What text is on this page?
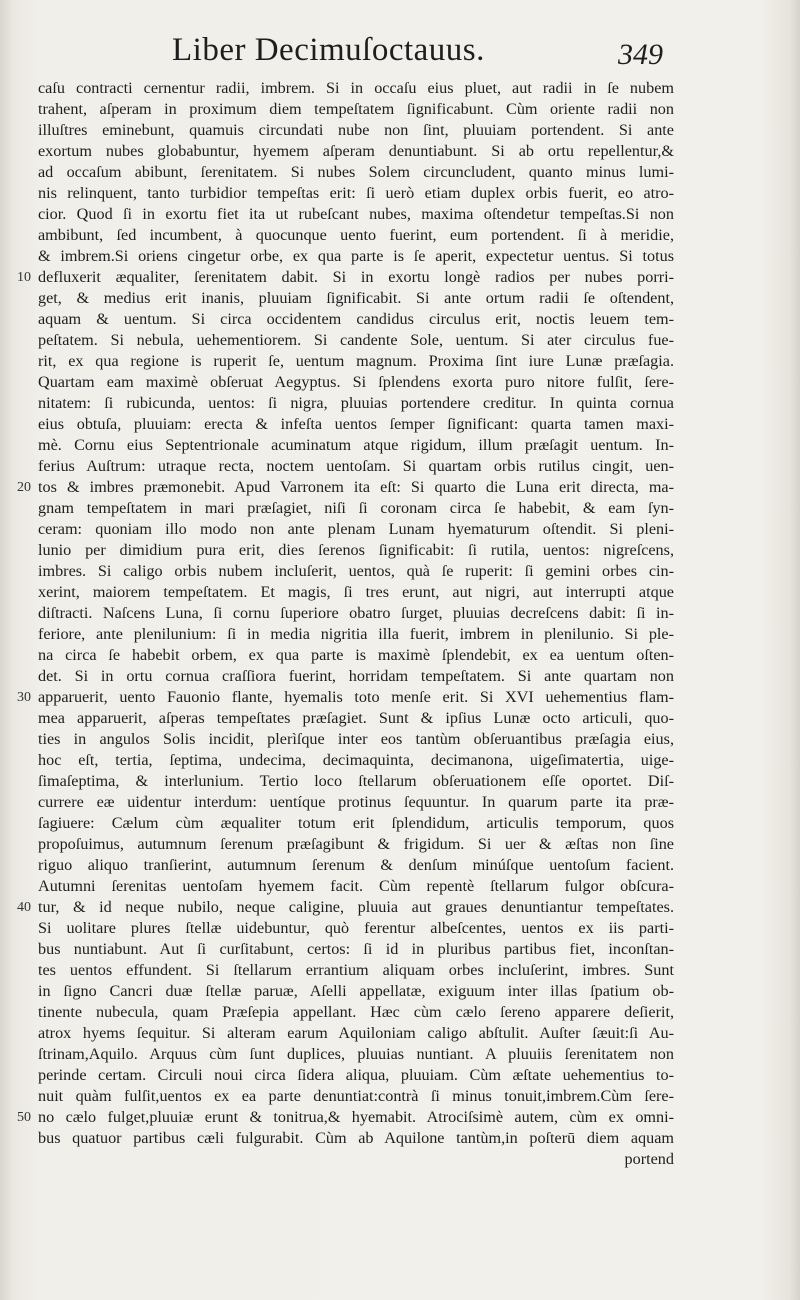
Liber Decimuſoctauus.	349
caſu contracti cernentur radii, imbrem. Si in occaſu eius pluet, aut radii in ſe nubem
trahent, aſperam in proximum diem tempeſtatem ſignificabunt. Cùm oriente radii non
illuſtres eminebunt, quamuis circundati nube non ſint, pluuiam portendent. Si ante
exortum nubes globabuntur, hyemem aſperam denuntiabunt. Si ab ortu repellentur,&
ad occaſum abibunt, ſerenitatem. Si nubes Solem circuncludent, quanto minus lumi-
nis relinquent, tanto turbidior tempeſtas erit: ſi uerò etiam duplex orbis fuerit, eo atro-
cior. Quod ſi in exortu fiet ita ut rubeſcant nubes, maxima oſtendetur tempeſtas.Si non
ambibunt, ſed incumbent, à quocunque uento fuerint, eum portendent. ſi à meridie,
& imbrem.Si oriens cingetur orbe, ex qua parte is ſe aperit, expectetur uentus. Si totus
10 defluxerit æqualiter, ſerenitatem dabit. Si in exortu longè radios per nubes porri-
get, & medius erit inanis, pluuiam ſignificabit. Si ante ortum radii ſe oſtendent,
aquam & uentum. Si circa occidentem candidus circulus erit, noctis leuem tem-
peſtatem. Si nebula, uehementiorem. Si candente Sole, uentum. Si ater circulus fue-
rit, ex qua regione is ruperit ſe, uentum magnum. Proxima ſint iure Lunæ præſagia.
Quartam eam maximè obſeruat Aegyptus. Si ſplendens exorta puro nitore fulſit, ſere-
nitatem: ſi rubicunda, uentos: ſi nigra, pluuias portendere creditur. In quinta cornua
eius obtuſa, pluuiam: erecta & infeſta uentos ſemper ſignificant: quarta tamen maxi-
mè. Cornu eius Septentrionale acuminatum atque rigidum, illum præſagit uentum. In-
ferius Auſtrum: utraque recta, noctem uentoſam. Si quartam orbis rutilus cingit, uen-
20 tos & imbres præmonebit. Apud Varronem ita eſt: Si quarto die Luna erit directa, ma-
gnam tempeſtatem in mari præſagiet, niſi ſi coronam circa ſe habebit, & eam ſyn-
ceram: quoniam illo modo non ante plenam Lunam hyematurum oſtendit. Si pleni-
lunio per dimidium pura erit, dies ſerenos ſignificabit: ſi rutila, uentos: nigreſcens,
imbres. Si caligo orbis nubem incluſerit, uentos, quà ſe ruperit: ſi gemini orbes cin-
xerint, maiorem tempeſtatem. Et magis, ſi tres erunt, aut nigri, aut interrupti atque
diſtracti. Naſcens Luna, ſi cornu ſuperiore obatro ſurget, pluuias decreſcens dabit: ſi in-
feriore, ante plenilunium: ſi in media nigritia illa fuerit, imbrem in plenilunio. Si ple-
na circa ſe habebit orbem, ex qua parte is maximè ſplendebit, ex ea uentum oſten-
det. Si in ortu cornua craſſiora fuerint, horridam tempeſtatem. Si ante quartam non
30 apparuerit, uento Fauonio flante, hyemalis toto menſe erit. Si XVI uehementius flam-
mea apparuerit, aſperas tempeſtates præſagiet. Sunt & ipſius Lunæ octo articuli, quo-
ties in angulos Solis incidit, plerìſque inter eos tantùm obſeruantibus præſagia eius,
hoc eſt, tertia, ſeptima, undecima, decimaquinta, decimanona, uigeſimatertia, uige-
ſimaſeptima, & interlunium. Tertio loco ſtellarum obſeruationem eſſe oportet. Diſ-
currere eæ uidentur interdum: uentíque protinus ſequuntur. In quarum parte ita præ-
ſagiuere: Cælum cùm æqualiter totum erit ſplendidum, articulis temporum, quos
propoſuimus, autumnum ſerenum præſagibunt & frigidum. Si uer & æſtas non ſine
riguo aliquo tranſierint, autumnum ſerenum & denſum minúſque uentoſum facient.
Autumni ſerenitas uentoſam hyemem facit. Cùm repentè ſtellarum fulgor obſcura-
40 tur, & id neque nubilo, neque caligine, pluuia aut graues denuntiantur tempeſtates.
Si uolitare plures ſtellæ uidebuntur, quò ferentur albeſcentes, uentos ex iis parti-
bus nuntiabunt. Aut ſi curſitabunt, certos: ſi id in pluribus partibus fiet, inconſtan-
tes uentos effundent. Si ſtellarum errantium aliquam orbes incluſerint, imbres. Sunt
in ſigno Cancri duæ ſtellæ paruæ, Aſelli appellatæ, exiguum inter illas ſpatium ob-
tinente nubecula, quam Præſepia appellant. Hæc cùm cælo ſereno apparere deſierit,
atrox hyems ſequitur. Si alteram earum Aquiloniam caligo abſtulit. Auſter ſæuit:ſi Au-
ſtrinam,Aquilo. Arquus cùm ſunt duplices, pluuias nuntiant. A pluuiis ſerenitatem non
perinde certam. Circuli noui circa ſidera aliqua, pluuiam. Cùm æſtate uehementius to-
nuit quàm fulſit,uentos ex ea parte denuntiat:contrà ſi minus tonuit,imbrem.Cùm ſere-
50 no cælo fulget,pluuiæ erunt & tonitrua,& hyemabit. Atrociſsimè autem, cùm ex omni-
bus quatuor partibus cæli fulgurabit. Cùm ab Aquilone tantùm,in poſterū diem aquam
portend
